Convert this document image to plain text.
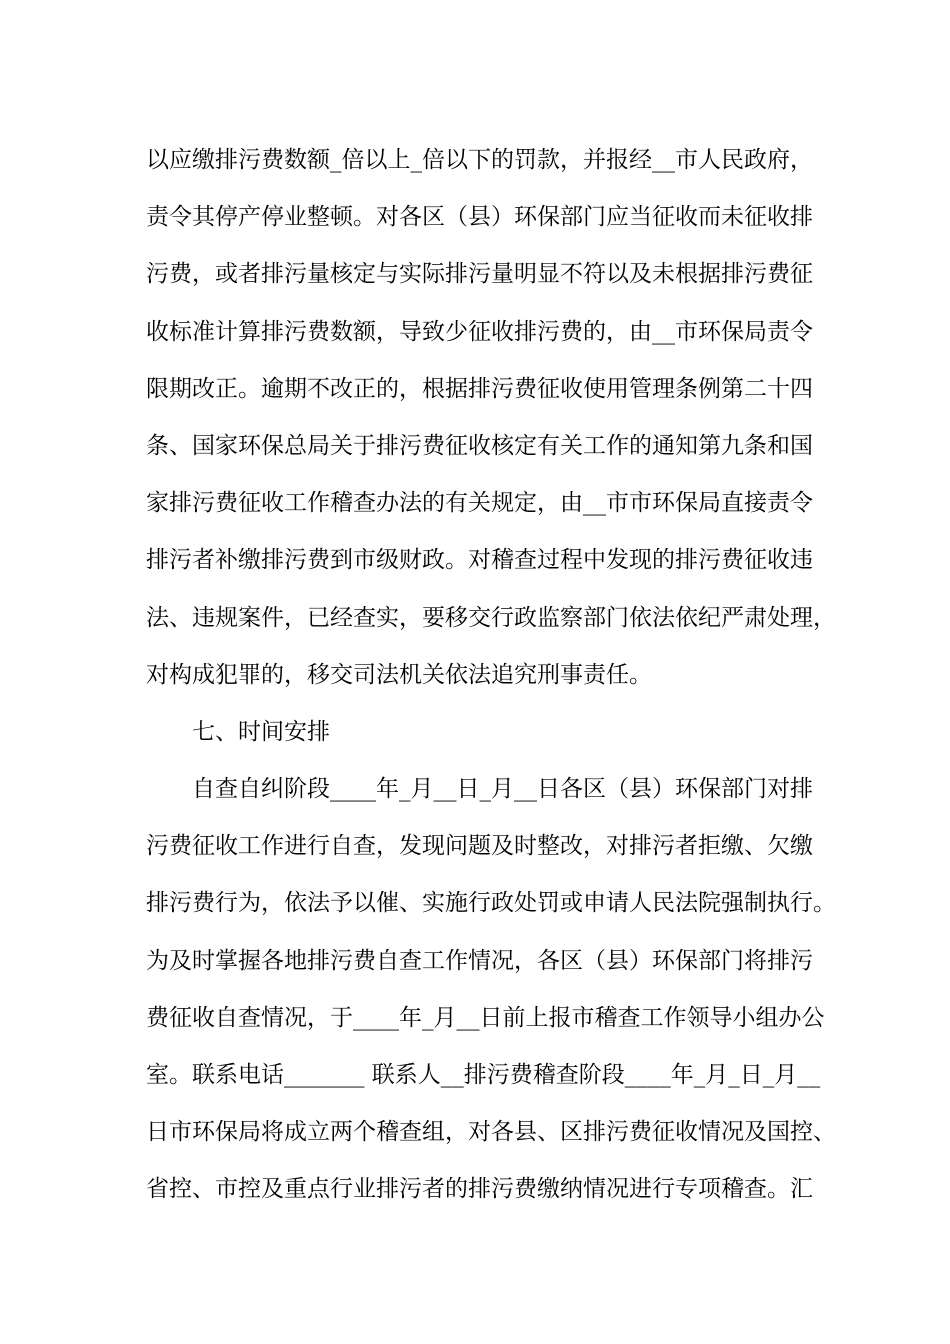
以应缴排污费数额_倍以上_倍以下的罚款，并报经__市人民政府，
责令其停产停业整顿。对各区（县）环保部门应当征收而未征收排
污费，或者排污量核定与实际排污量明显不符以及未根据排污费征
收标准计算排污费数额，导致少征收排污费的，由__市环保局责令
限期改正。逾期不改正的，根据排污费征收使用管理条例第二十四
条、国家环保总局关于排污费征收核定有关工作的通知第九条和国
家排污费征收工作稽查办法的有关规定，由__市市环保局直接责令
排污者补缴排污费到市级财政。对稽查过程中发现的排污费征收违
法、违规案件，已经查实，要移交行政监察部门依法依纪严肃处理，
对构成犯罪的，移交司法机关依法追究刑事责任。
七、时间安排
自查自纠阶段____年_月__日_月__日各区（县）环保部门对排
污费征收工作进行自查，发现问题及时整改，对排污者拒缴、欠缴
排污费行为，依法予以催、实施行政处罚或申请人民法院强制执行。
为及时掌握各地排污费自查工作情况，各区（县）环保部门将排污
费征收自查情况，于____年_月__日前上报市稽查工作领导小组办公
室。联系电话_______ 联系人__排污费稽查阶段____年_月_日_月__
日市环保局将成立两个稽查组，对各县、区排污费征收情况及国控、
省控、市控及重点行业排污者的排污费缴纳情况进行专项稽查。汇
